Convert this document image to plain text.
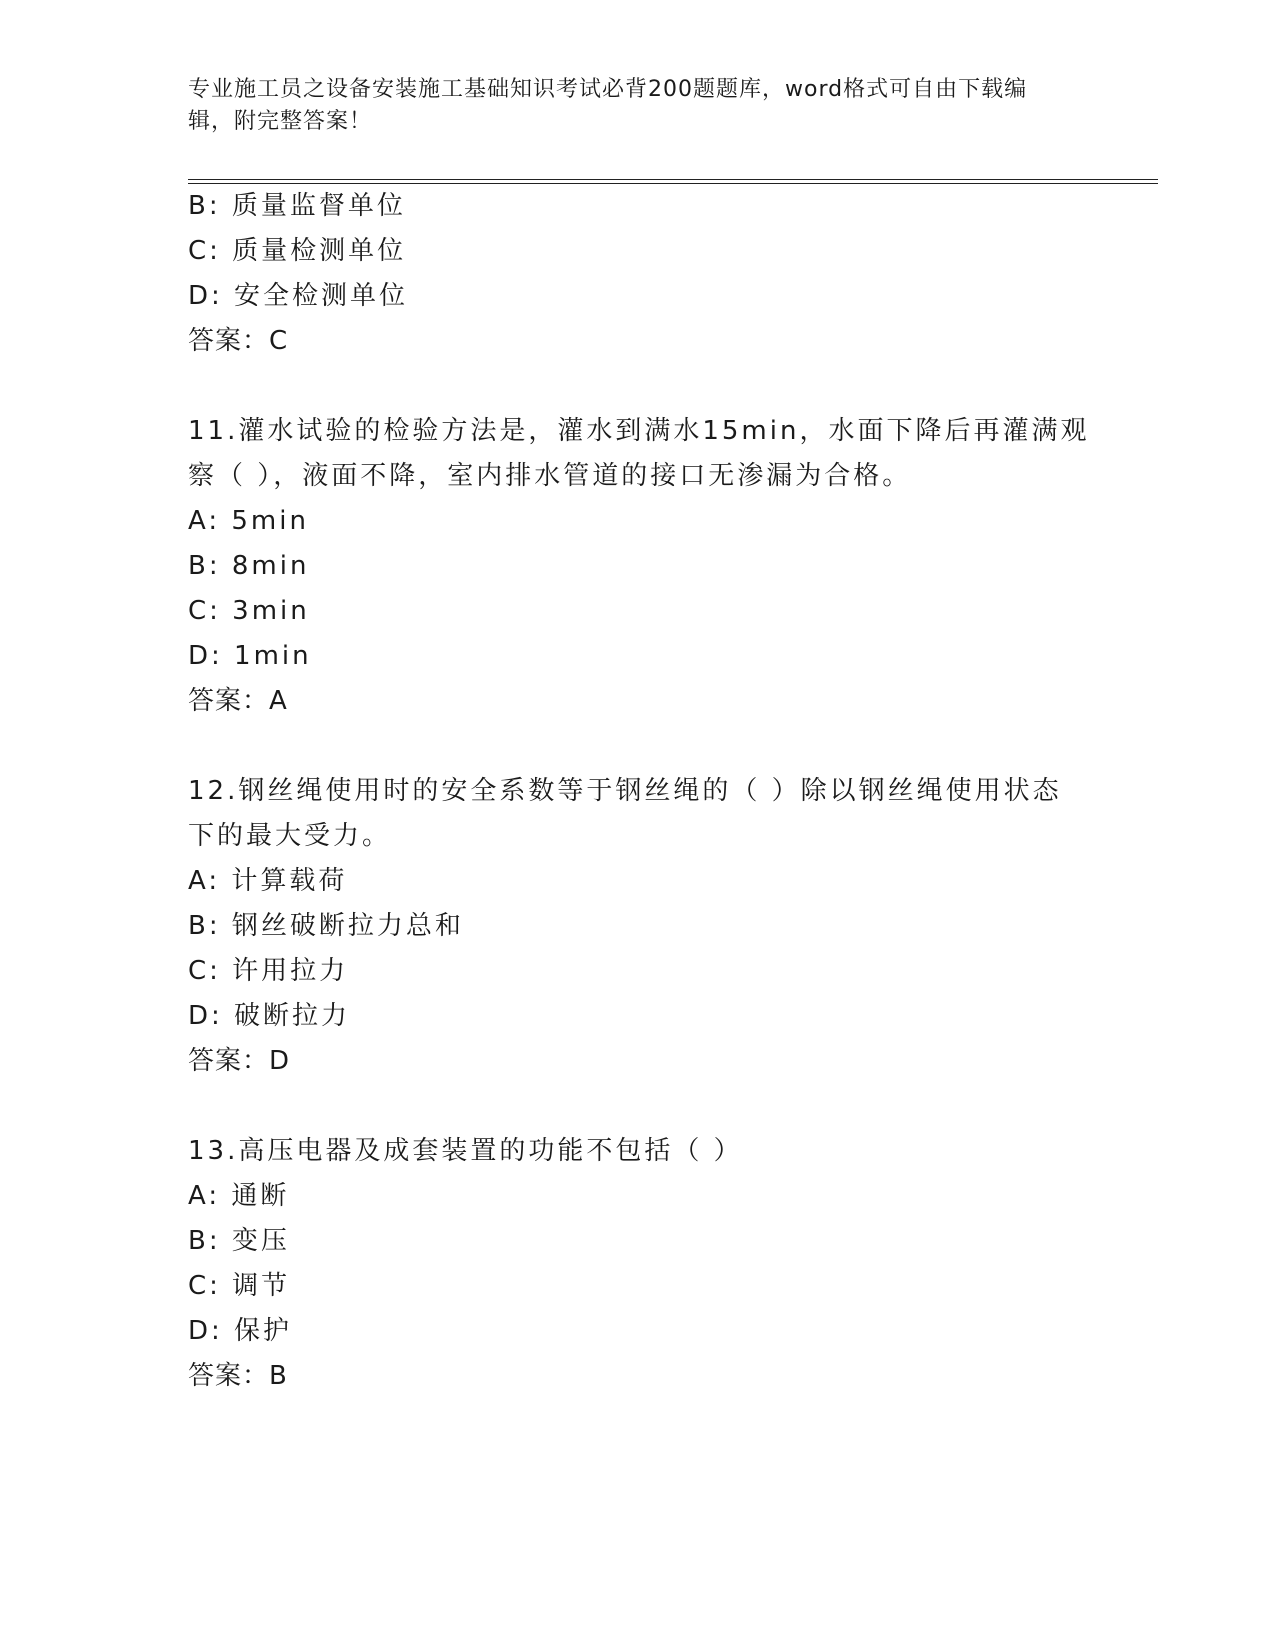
专业施工员之设备安装施工基础知识考试必背200题题库，word格式可自由下载编辑，附完整答案！
B: 质量监督单位
C: 质量检测单位
D: 安全检测单位
答案：C
11.灌水试验的检验方法是，灌水到满水15min，水面下降后再灌满观
察（ ），液面不降，室内排水管道的接口无渗漏为合格。
A: 5min
B: 8min
C: 3min
D: 1min
答案：A
12.钢丝绳使用时的安全系数等于钢丝绳的（ ）除以钢丝绳使用状态
下的最大受力。
A: 计算载荷
B: 钢丝破断拉力总和
C: 许用拉力
D: 破断拉力
答案：D
13.高压电器及成套装置的功能不包括（ ）
A: 通断
B: 变压
C: 调节
D: 保护
答案：B
